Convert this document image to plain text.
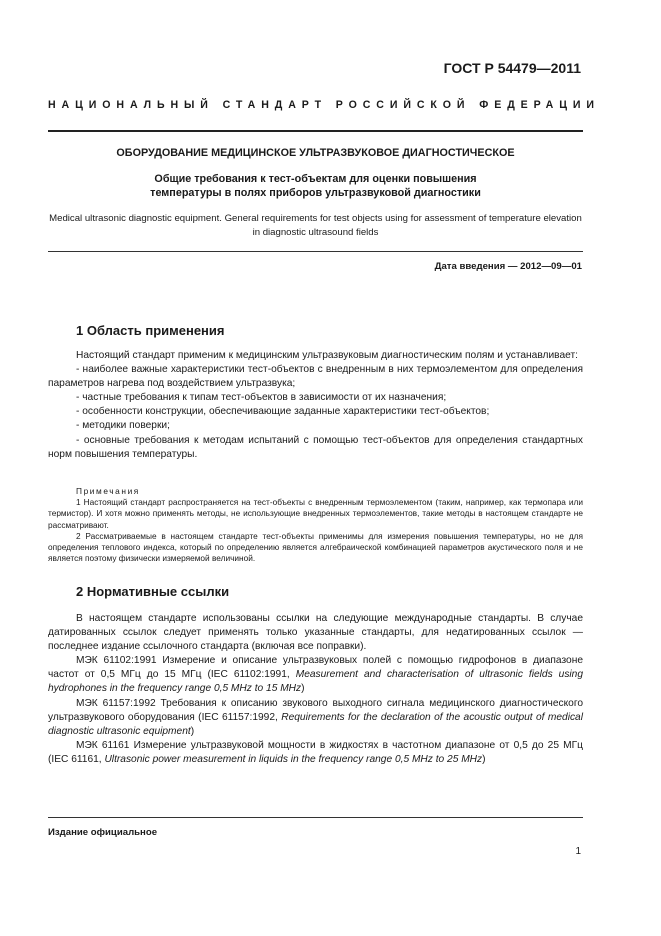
ГОСТ Р 54479—2011
НАЦИОНАЛЬНЫЙ СТАНДАРТ РОССИЙСКОЙ ФЕДЕРАЦИИ
ОБОРУДОВАНИЕ МЕДИЦИНСКОЕ УЛЬТРАЗВУКОВОЕ ДИАГНОСТИЧЕСКОЕ
Общие требования к тест-объектам для оценки повышения
температуры в полях приборов ультразвуковой диагностики
Medical ultrasonic diagnostic equipment. General requirements for test objects using for assessment of temperature elevation in diagnostic ultrasound fields
Дата введения — 2012—09—01
1 Область применения

Настоящий стандарт применим к медицинским ультразвуковым диагностическим полям и устанавливает:

- наиболее важные характеристики тест-объектов с внедренным в них термоэлементом для определения параметров нагрева под воздействием ультразвука;

- частные требования к типам тест-объектов в зависимости от их назначения;

- особенности конструкции, обеспечивающие заданные характеристики тест-объектов;

- методики поверки;

- основные требования к методам испытаний с помощью тест-объектов для определения стандартных норм повышения температуры.

Примечания

1 Настоящий стандарт распространяется на тест-объекты с внедренным термоэлементом (таким, например, как термопара или термистор). И хотя можно применять методы, не использующие внедренных термоэлементов, такие методы в настоящем стандарте не рассматривают.

2 Рассматриваемые в настоящем стандарте тест-объекты применимы для измерения повышения температуры, но не для определения теплового индекса, который по определению является алгебраической комбинацией параметров акустического поля и не является поэтому физически измеряемой величиной.

2 Нормативные ссылки

В настоящем стандарте использованы ссылки на следующие международные стандарты. В случае датированных ссылок следует применять только указанные стандарты, для недатированных ссылок — последнее издание ссылочного стандарта (включая все поправки).

МЭК 61102:1991 Измерение и описание ультразвуковых полей с помощью гидрофонов в диапазоне частот от 0,5 МГц до 15 МГц (IEC 61102:1991, Measurement and characterisation of ultrasonic fields using hydrophones in the frequency range 0,5 MHz to 15 MHz)

МЭК 61157:1992 Требования к описанию звукового выходного сигнала медицинского диагностического ультразвукового оборудования (IEC 61157:1992, Requirements for the declaration of the acoustic output of medical diagnostic ultrasonic equipment)

МЭК 61161 Измерение ультразвуковой мощности в жидкостях в частотном диапазоне от 0,5 до 25 МГц (IEC 61161, Ultrasonic power measurement in liquids in the frequency range 0,5 MHz to 25 MHz)

Издание официальное
1
